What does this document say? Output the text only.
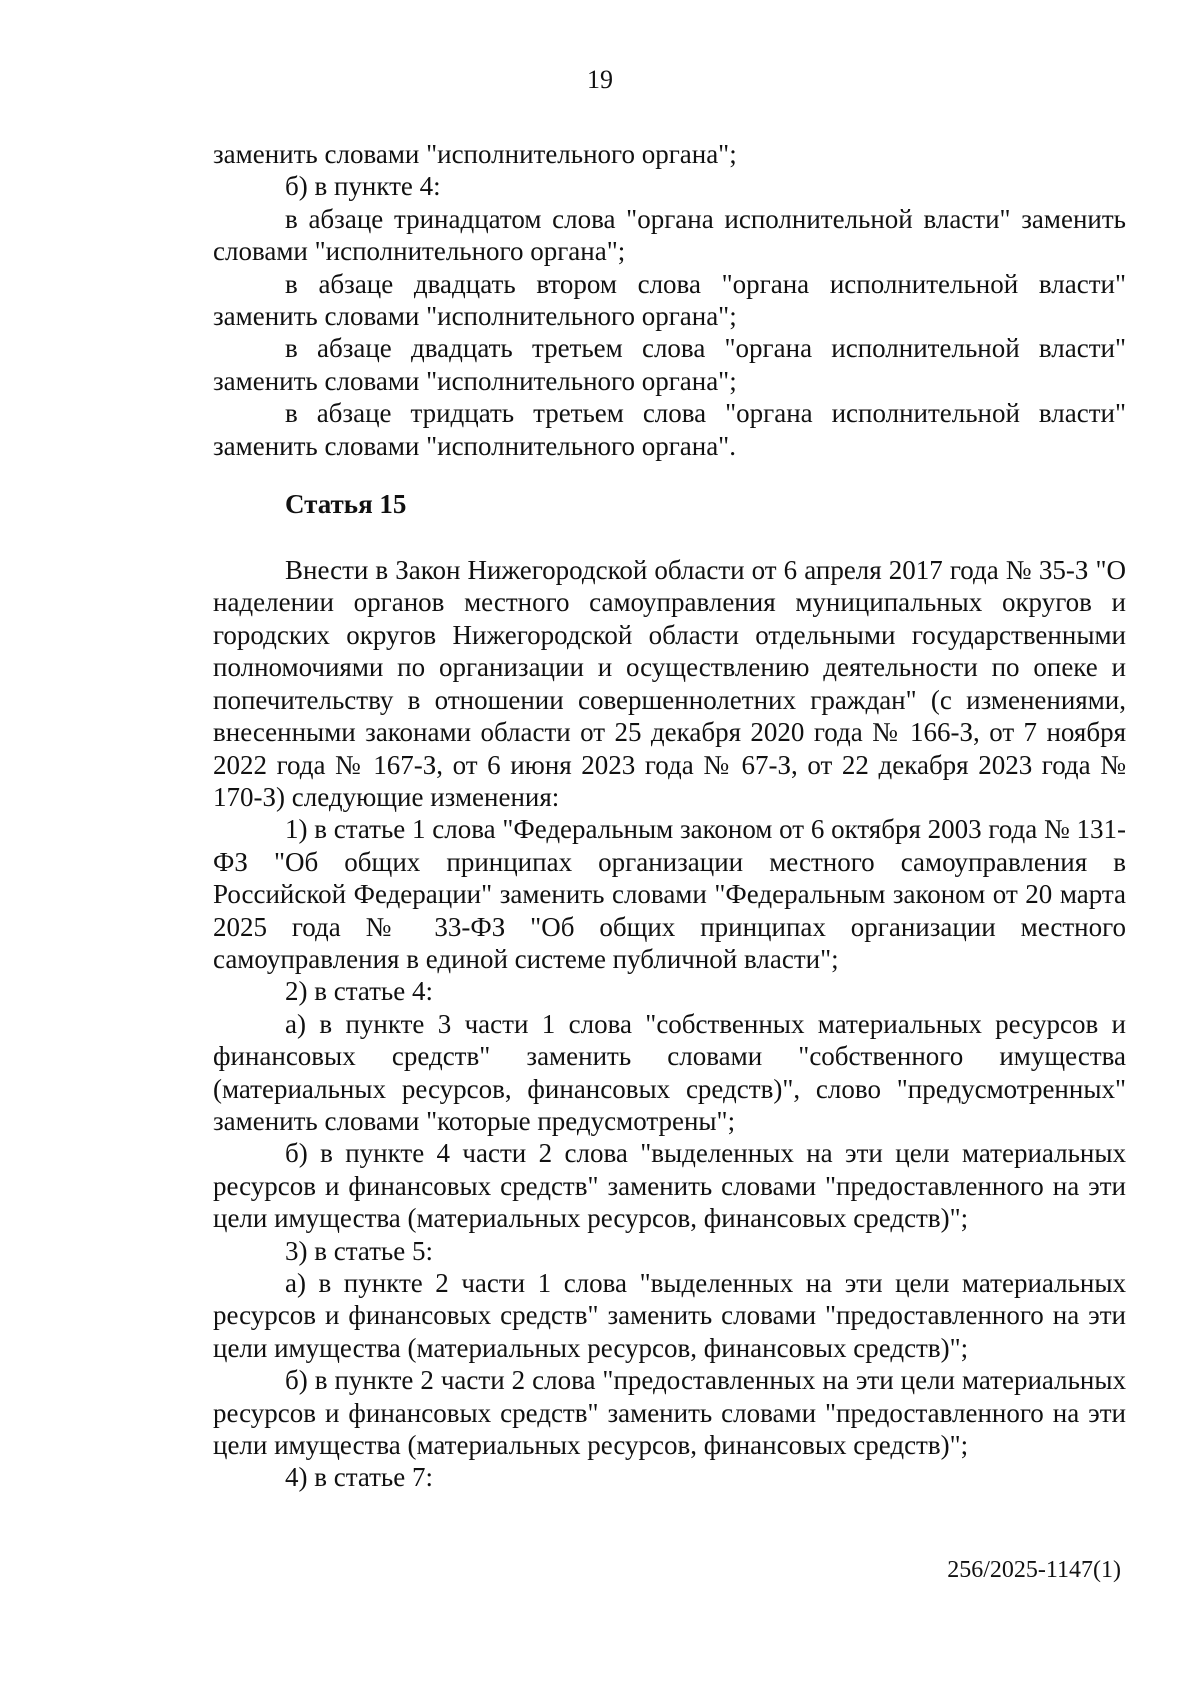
19

заменить словами "исполнительного органа";

б) в пункте 4:

в абзаце тринадцатом слова "органа исполнительной власти" заменить словами "исполнительного органа";

в абзаце двадцать втором слова "органа исполнительной власти" заменить словами "исполнительного органа";

в абзаце двадцать третьем слова "органа исполнительной власти" заменить словами "исполнительного органа";

в абзаце тридцать третьем слова "органа исполнительной власти" заменить словами "исполнительного органа".

Статья 15

Внести в Закон Нижегородской области от 6 апреля 2017 года № 35-З "О наделении органов местного самоуправления муниципальных округов и городских округов Нижегородской области отдельными государственными полномочиями по организации и осуществлению деятельности по опеке и попечительству в отношении совершеннолетних граждан" (с изменениями, внесенными законами области от 25 декабря 2020 года № 166-З, от 7 ноября 2022 года № 167-З, от 6 июня 2023 года № 67-З, от 22 декабря 2023 года № 170-З) следующие изменения:

1) в статье 1 слова "Федеральным законом от 6 октября 2003 года № 131-ФЗ "Об общих принципах организации местного самоуправления в Российской Федерации" заменить словами "Федеральным законом от 20 марта 2025 года № 33-ФЗ "Об общих принципах организации местного самоуправления в единой системе публичной власти";

2) в статье 4:

а) в пункте 3 части 1 слова "собственных материальных ресурсов и финансовых средств" заменить словами "собственного имущества (материальных ресурсов, финансовых средств)", слово "предусмотренных" заменить словами "которые предусмотрены";

б) в пункте 4 части 2 слова "выделенных на эти цели материальных ресурсов и финансовых средств" заменить словами "предоставленного на эти цели имущества (материальных ресурсов, финансовых средств)";

3) в статье 5:

а) в пункте 2 части 1 слова "выделенных на эти цели материальных ресурсов и финансовых средств" заменить словами "предоставленного на эти цели имущества (материальных ресурсов, финансовых средств)";

б) в пункте 2 части 2 слова "предоставленных на эти цели материальных ресурсов и финансовых средств" заменить словами "предоставленного на эти цели имущества (материальных ресурсов, финансовых средств)";

4) в статье 7:

256/2025-1147(1)
